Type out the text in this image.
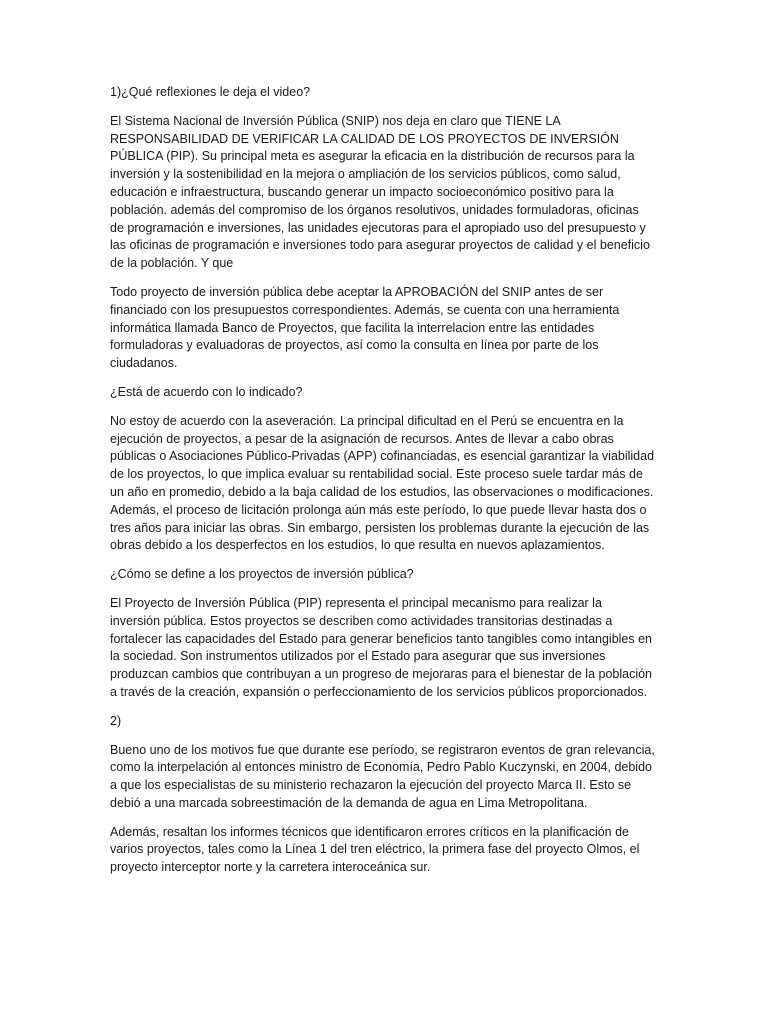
1)¿Qué reflexiones le deja el video?

El Sistema Nacional de Inversión Pública (SNIP) nos deja en claro que TIENE LA RESPONSABILIDAD DE VERIFICAR LA CALIDAD DE LOS PROYECTOS DE INVERSIÓN PÚBLICA (PIP). Su principal meta es asegurar la eficacia en la distribución de recursos para la inversión y la sostenibilidad en la mejora o ampliación de los servicios públicos, como salud, educación e infraestructura, buscando generar un impacto socioeconómico positivo para la población. además del compromiso de los órganos resolutivos, unidades formuladoras, oficinas de programación e inversiones, las unidades ejecutoras para el apropiado uso del presupuesto y las oficinas de programación e inversiones todo para asegurar proyectos de calidad y el beneficio de la población. Y que

Todo proyecto de inversión pública debe aceptar la APROBACIÓN del SNIP antes de ser financiado con los presupuestos correspondientes. Además, se cuenta con una herramienta informática llamada Banco de Proyectos, que facilita la interrelacion entre las entidades formuladoras y evaluadoras de proyectos, así como la consulta en línea por parte de los ciudadanos.

¿Está de acuerdo con lo indicado?

No estoy de acuerdo con la aseveración. La principal dificultad en el Perú se encuentra en la ejecución de proyectos, a pesar de la asignación de recursos. Antes de llevar a cabo obras públicas o Asociaciones Público-Privadas (APP) cofinanciadas, es esencial garantizar la viabilidad de los proyectos, lo que implica evaluar su rentabilidad social. Este proceso suele tardar más de un año en promedio, debido a la baja calidad de los estudios, las observaciones o modificaciones. Además, el proceso de licitación prolonga aún más este período, lo que puede llevar hasta dos o tres años para iniciar las obras. Sin embargo, persisten los problemas durante la ejecución de las obras debido a los desperfectos en los estudios, lo que resulta en nuevos aplazamientos.

¿Cómo se define a los proyectos de inversión pública?

El Proyecto de Inversión Pública (PIP) representa el principal mecanismo para realizar la inversión pública. Estos proyectos se describen como actividades transitorias destinadas a fortalecer las capacidades del Estado para generar beneficios tanto tangibles como intangibles en la sociedad. Son instrumentos utilizados por el Estado para asegurar que sus inversiones produzcan cambios que contribuyan a un progreso de mejoraras para el bienestar de la población a través de la creación, expansión o perfeccionamiento de los servicios públicos proporcionados.

2)

Bueno uno de los motivos fue que durante ese período, se registraron eventos de gran relevancia, como la interpelación al entonces ministro de Economía, Pedro Pablo Kuczynski, en 2004, debido a que los especialistas de su ministerio rechazaron la ejecución del proyecto Marca II. Esto se debió a una marcada sobreestimación de la demanda de agua en Lima Metropolitana.

Además, resaltan los informes técnicos que identificaron errores críticos en la planificación de varios proyectos, tales como la Línea 1 del tren eléctrico, la primera fase del proyecto Olmos, el proyecto interceptor norte y la carretera interoceánica sur.
